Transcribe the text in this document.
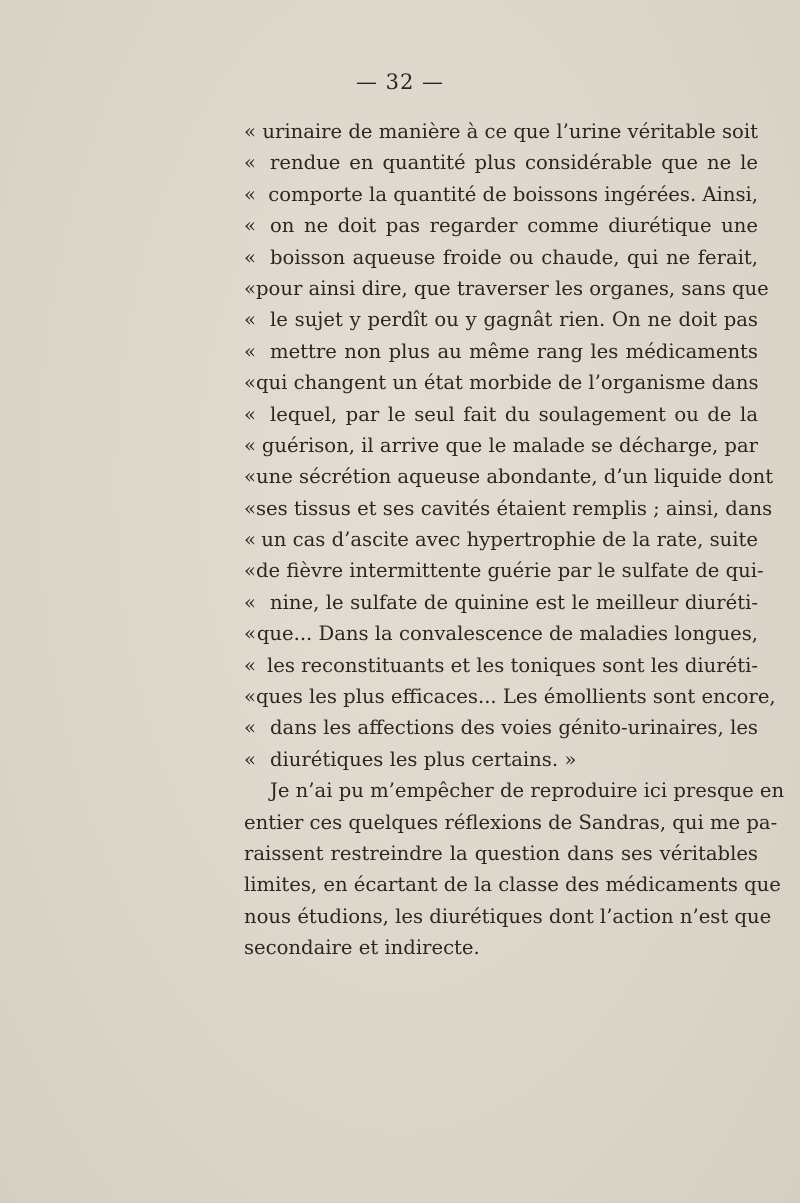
— 32 —
« urinaire de manière à ce que l’urine véritable soit
« rendue en quantité plus considérable que ne le
« comporte la quantité de boissons ingérées. Ainsi,
« on ne doit pas regarder comme diurétique une
« boisson aqueuse froide ou chaude, qui ne ferait,
« pour ainsi dire, que traverser les organes, sans que
« le sujet y perdît ou y gagnât rien. On ne doit pas
« mettre non plus au même rang les médicaments
« qui changent un état morbide de l’organisme dans
« lequel, par le seul fait du soulagement ou de la
« guérison, il arrive que le malade se décharge, par
« une sécrétion aqueuse abondante, d’un liquide dont
« ses tissus et ses cavités étaient remplis ; ainsi, dans
« un cas d’ascite avec hypertrophie de la rate, suite
« de fièvre intermittente guérie par le sulfate de qui-
« nine, le sulfate de quinine est le meilleur diuréti-
« que... Dans la convalescence de maladies longues,
« les reconstituants et les toniques sont les diuréti-
« ques les plus efficaces... Les émollients sont encore,
« dans les affections des voies génito-urinaires, les
« diurétiques les plus certains. »
Je n’ai pu m’empêcher de reproduire ici presque en
entier ces quelques réflexions de Sandras, qui me pa-
raissent restreindre la question dans ses véritables
limites, en écartant de la classe des médicaments que
nous étudions, les diurétiques dont l’action n’est que
secondaire et indirecte.
